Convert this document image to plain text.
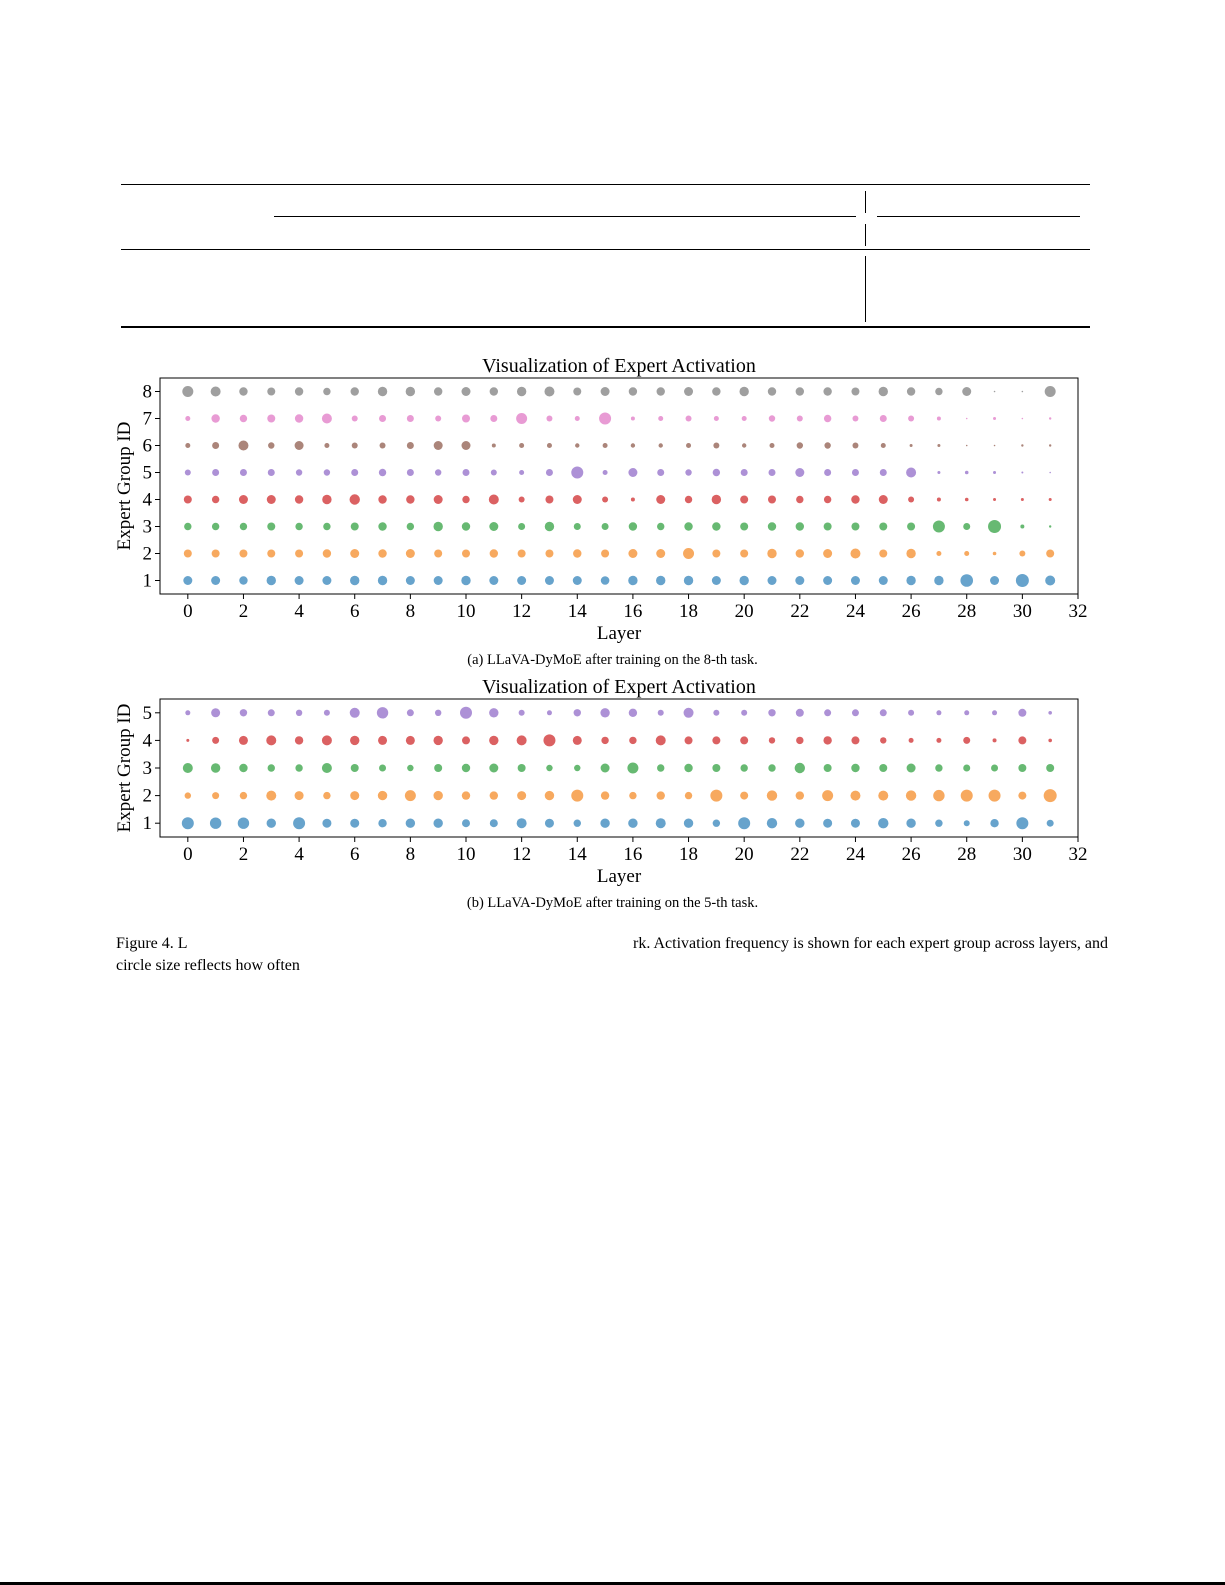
Visualization of Expert Activation
0 2 4 6 8 10 12 14 16 18 20 22 24 26 28 30 32
1
2
3
4
5
6
7
8
Layer
Expert Group ID
(a) LLaVA-DyMoE after training on the 8-th task.
Visualization of Expert Activation
0 2 4 6 8 10 12 14 16 18 20 22 24 26 28 30 32
1
2
3
4
5
Layer
Expert Group ID
(b) LLaVA-DyMoE after training on the 5-th task.
Figure 4. L	rk. Activation frequency is shown for each expert group across layers, and
circle size reflects how often
